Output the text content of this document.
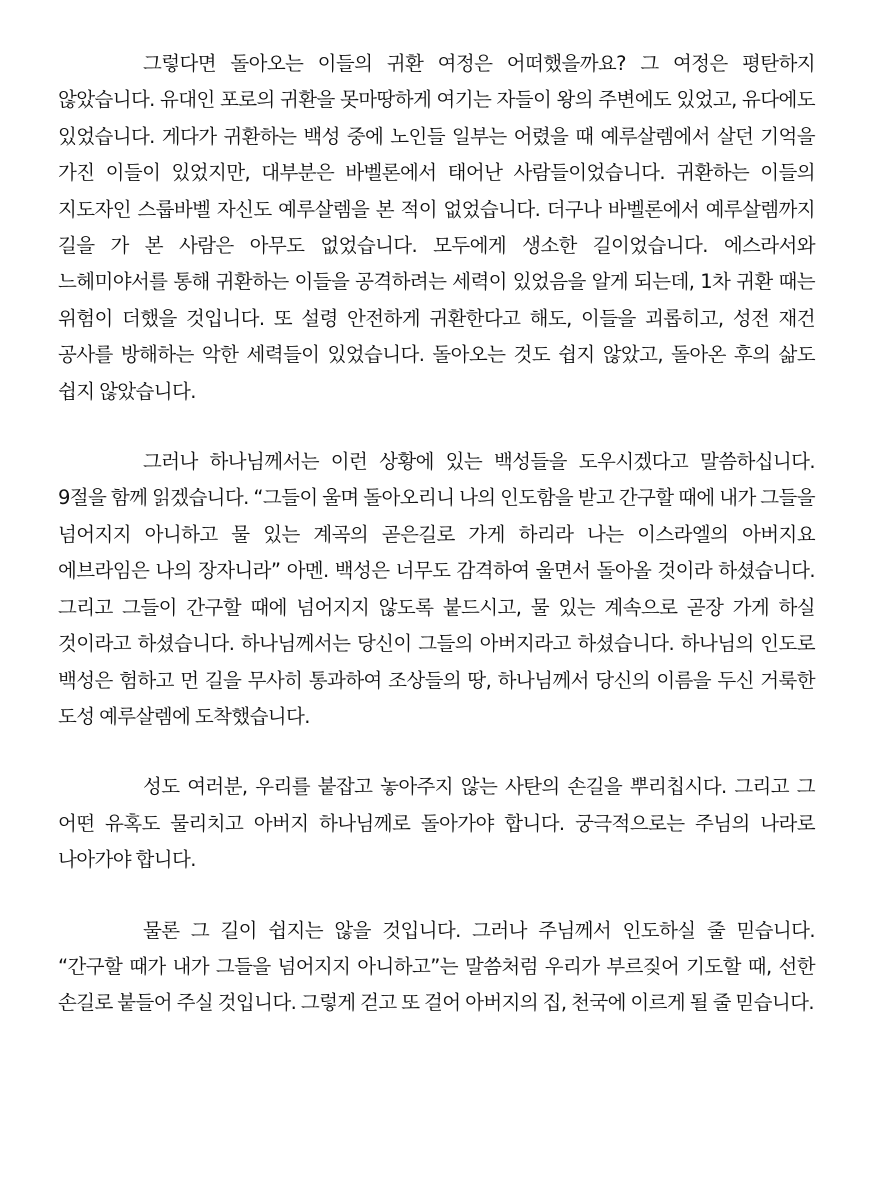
그렇다면 돌아오는 이들의 귀환 여정은 어떠했을까요? 그 여정은 평탄하지 않았습니다. 유대인 포로의 귀환을 못마땅하게 여기는 자들이 왕의 주변에도 있었고, 유다에도 있었습니다. 게다가 귀환하는 백성 중에 노인들 일부는 어렸을 때 예루살렘에서 살던 기억을 가진 이들이 있었지만, 대부분은 바벨론에서 태어난 사람들이었습니다. 귀환하는 이들의 지도자인 스룹바벨 자신도 예루살렘을 본 적이 없었습니다. 더구나 바벨론에서 예루살렘까지 길을 가 본 사람은 아무도 없었습니다. 모두에게 생소한 길이었습니다. 에스라서와 느헤미야서를 통해 귀환하는 이들을 공격하려는 세력이 있었음을 알게 되는데, 1차 귀환 때는 위험이 더했을 것입니다. 또 설령 안전하게 귀환한다고 해도, 이들을 괴롭히고, 성전 재건 공사를 방해하는 악한 세력들이 있었습니다. 돌아오는 것도 쉽지 않았고, 돌아온 후의 삶도 쉽지 않았습니다.

그러나 하나님께서는 이런 상황에 있는 백성들을 도우시겠다고 말씀하십니다. 9절을 함께 읽겠습니다. “그들이 울며 돌아오리니 나의 인도함을 받고 간구할 때에 내가 그들을 넘어지지 아니하고 물 있는 계곡의 곧은길로 가게 하리라 나는 이스라엘의 아버지요 에브라임은 나의 장자니라” 아멘. 백성은 너무도 감격하여 울면서 돌아올 것이라 하셨습니다. 그리고 그들이 간구할 때에 넘어지지 않도록 붙드시고, 물 있는 계속으로 곧장 가게 하실 것이라고 하셨습니다. 하나님께서는 당신이 그들의 아버지라고 하셨습니다. 하나님의 인도로 백성은 험하고 먼 길을 무사히 통과하여 조상들의 땅, 하나님께서 당신의 이름을 두신 거룩한 도성 예루살렘에 도착했습니다.

성도 여러분, 우리를 붙잡고 놓아주지 않는 사탄의 손길을 뿌리칩시다. 그리고 그 어떤 유혹도 물리치고 아버지 하나님께로 돌아가야 합니다. 궁극적으로는 주님의 나라로 나아가야 합니다.

물론 그 길이 쉽지는 않을 것입니다. 그러나 주님께서 인도하실 줄 믿습니다. “간구할 때가 내가 그들을 넘어지지 아니하고”는 말씀처럼 우리가 부르짖어 기도할 때, 선한 손길로 붙들어 주실 것입니다. 그렇게 걷고 또 걸어 아버지의 집, 천국에 이르게 될 줄 믿습니다.
